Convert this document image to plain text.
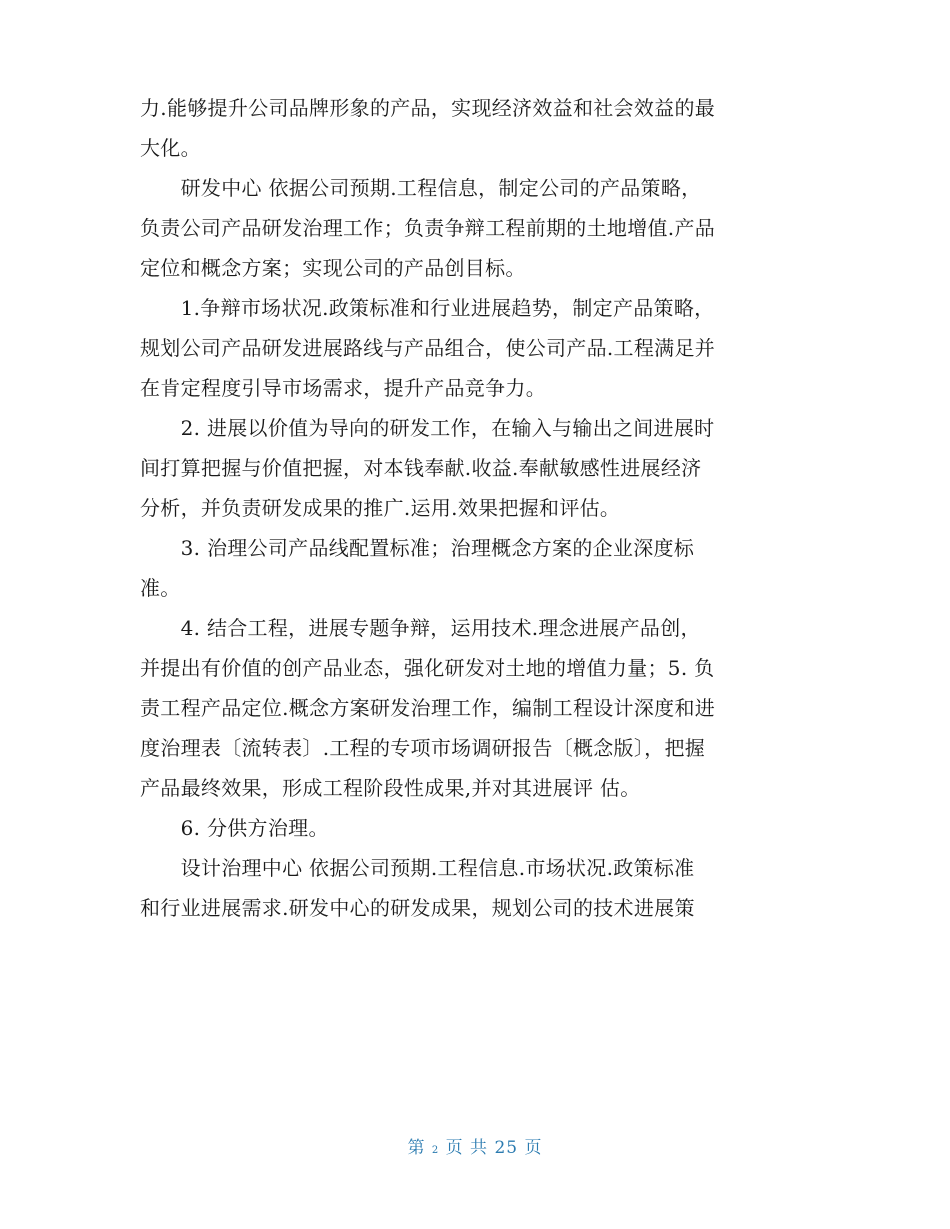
力.能够提升公司品牌形象的产品，实现经济效益和社会效益的最
大化。
　　研发中心 依据公司预期.工程信息，制定公司的产品策略，
负责公司产品研发治理工作；负责争辩工程前期的土地增值.产品
定位和概念方案；实现公司的产品创目标。
　　1.争辩市场状况.政策标准和行业进展趋势，制定产品策略，
规划公司产品研发进展路线与产品组合，使公司产品.工程满足并
在肯定程度引导市场需求，提升产品竞争力。
　　2. 进展以价值为导向的研发工作，在输入与输出之间进展时
间打算把握与价值把握，对本钱奉献.收益.奉献敏感性进展经济
分析，并负责研发成果的推广.运用.效果把握和评估。
　　3. 治理公司产品线配置标准；治理概念方案的企业深度标
准。
　　4. 结合工程，进展专题争辩，运用技术.理念进展产品创，
并提出有价值的创产品业态，强化研发对土地的增值力量；5. 负
责工程产品定位.概念方案研发治理工作，编制工程设计深度和进
度治理表〔流转表〕.工程的专项市场调研报告〔概念版〕，把握
产品最终效果，形成工程阶段性成果,并对其进展评 估。
　　6. 分供方治理。
　　设计治理中心 依据公司预期.工程信息.市场状况.政策标准
和行业进展需求.研发中心的研发成果，规划公司的技术进展策
第 2 页 共 25 页
